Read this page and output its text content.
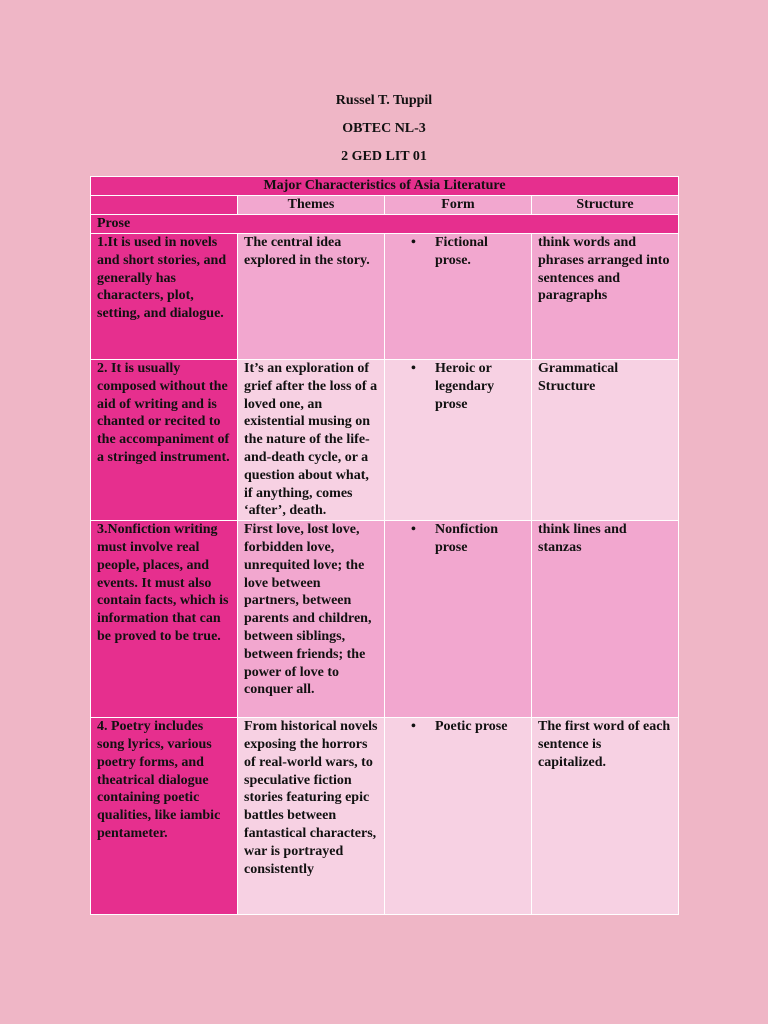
Russel T. Tuppil
OBTEC NL-3
2 GED LIT 01
Major Characteristics of Asia Literature			
	Themes	Form	Structure
Prose			
1.It is used in novels and short stories, and generally has characters, plot, setting, and dialogue.	The central idea explored in the story.	• Fictional prose.	think words and phrases arranged into sentences and paragraphs
2. It is usually composed without the aid of writing and is chanted or recited to the accompaniment of a stringed instrument.	It’s an exploration of grief after the loss of a loved one, an existential musing on the nature of the life-and-death cycle, or a question about what, if anything, comes ‘after’, death.	• Heroic or legendary prose	Grammatical Structure
3.Nonfiction writing must involve real people, places, and events. It must also contain facts, which is information that can be proved to be true.	First love, lost love, forbidden love, unrequited love; the love between partners, between parents and children, between siblings, between friends; the power of love to conquer all.	• Nonfiction prose	think lines and stanzas
4. Poetry includes song lyrics, various poetry forms, and theatrical dialogue containing poetic qualities, like iambic pentameter.	From historical novels exposing the horrors of real-world wars, to speculative fiction stories featuring epic battles between fantastical characters, war is portrayed consistently	• Poetic prose	The first word of each sentence is capitalized.
